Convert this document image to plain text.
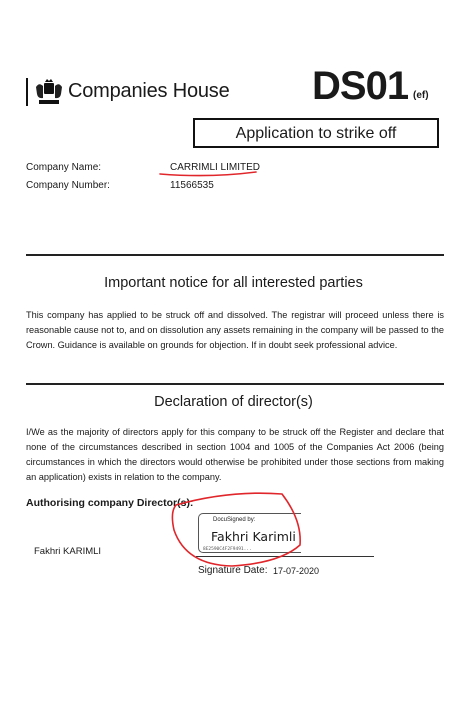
Companies House DS01 (ef)
Application to strike off
Company Name:	CARRIMLI LIMITED
Company Number:	11566535
Important notice for all interested parties
This company has applied to be struck off and dissolved. The registrar will proceed unless there is reasonable cause not to, and on dissolution any assets remaining in the company will be passed to the Crown. Guidance is available on grounds for objection. If in doubt seek professional advice.
Declaration of director(s)
I/We as the majority of directors apply for this company to be struck off the Register and declare that none of the circumstances described in section 1004 and 1005 of the Companies Act 2006 (being circumstances in which the directors would otherwise be prohibited under those sections from making an application) exists in relation to the company.
Authorising company Director(s):
Fakhri KARIMLI
DocuSigned by:
Fakhri Karimli
8E2590C4F2F9491...
Signature Date: 17-07-2020
